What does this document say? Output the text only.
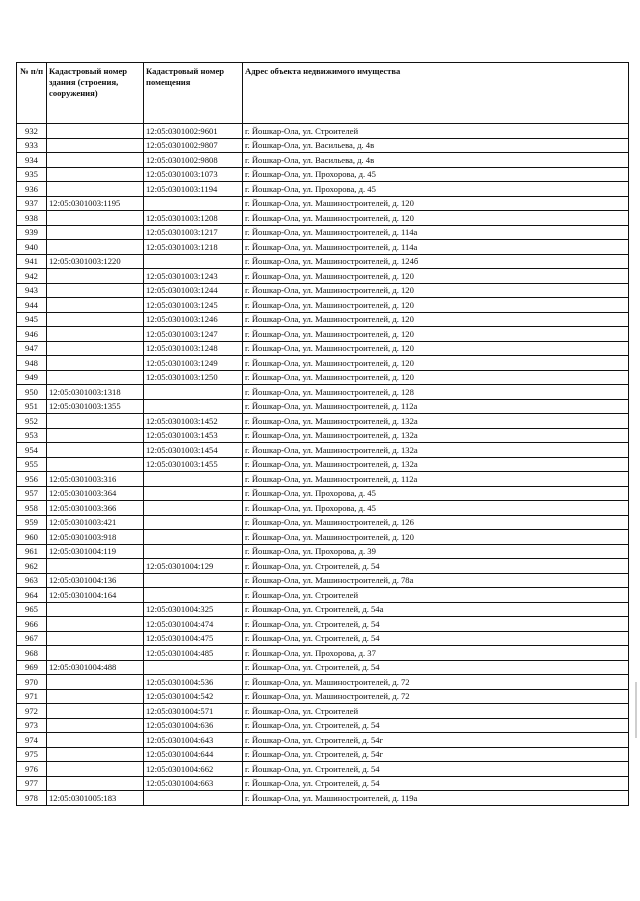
№ п/п	Кадастровый номер здания (строения, сооружения)	Кадастровый номер помещения	Адрес объекта недвижимого имущества
932		12:05:0301002:9601	г. Йошкар-Ола, ул. Строителей
933		12:05:0301002:9807	г. Йошкар-Ола, ул. Васильева, д. 4в
934		12:05:0301002:9808	г. Йошкар-Ола, ул. Васильева, д. 4в
935		12:05:0301003:1073	г. Йошкар-Ола, ул. Прохорова, д. 45
936		12:05:0301003:1194	г. Йошкар-Ола, ул. Прохорова, д. 45
937	12:05:0301003:1195		г. Йошкар-Ола, ул. Машиностроителей, д. 120
938		12:05:0301003:1208	г. Йошкар-Ола, ул. Машиностроителей, д. 120
939		12:05:0301003:1217	г. Йошкар-Ола, ул. Машиностроителей, д. 114а
940		12:05:0301003:1218	г. Йошкар-Ола, ул. Машиностроителей, д. 114а
941	12:05:0301003:1220		г. Йошкар-Ола, ул. Машиностроителей, д. 124б
942		12:05:0301003:1243	г. Йошкар-Ола, ул. Машиностроителей, д. 120
943		12:05:0301003:1244	г. Йошкар-Ола, ул. Машиностроителей, д. 120
944		12:05:0301003:1245	г. Йошкар-Ола, ул. Машиностроителей, д. 120
945		12:05:0301003:1246	г. Йошкар-Ола, ул. Машиностроителей, д. 120
946		12:05:0301003:1247	г. Йошкар-Ола, ул. Машиностроителей, д. 120
947		12:05:0301003:1248	г. Йошкар-Ола, ул. Машиностроителей, д. 120
948		12:05:0301003:1249	г. Йошкар-Ола, ул. Машиностроителей, д. 120
949		12:05:0301003:1250	г. Йошкар-Ола, ул. Машиностроителей, д. 120
950	12:05:0301003:1318		г. Йошкар-Ола, ул. Машиностроителей, д. 128
951	12:05:0301003:1355		г. Йошкар-Ола, ул. Машиностроителей, д. 112а
952		12:05:0301003:1452	г. Йошкар-Ола, ул. Машиностроителей, д. 132а
953		12:05:0301003:1453	г. Йошкар-Ола, ул. Машиностроителей, д. 132а
954		12:05:0301003:1454	г. Йошкар-Ола, ул. Машиностроителей, д. 132а
955		12:05:0301003:1455	г. Йошкар-Ола, ул. Машиностроителей, д. 132а
956	12:05:0301003:316		г. Йошкар-Ола, ул. Машиностроителей, д. 112а
957	12:05:0301003:364		г. Йошкар-Ола, ул. Прохорова, д. 45
958	12:05:0301003:366		г. Йошкар-Ола, ул. Прохорова, д. 45
959	12:05:0301003:421		г. Йошкар-Ола, ул. Машиностроителей, д. 126
960	12:05:0301003:918		г. Йошкар-Ола, ул. Машиностроителей, д. 120
961	12:05:0301004:119		г. Йошкар-Ола, ул. Прохорова, д. 39
962		12:05:0301004:129	г. Йошкар-Ола, ул. Строителей, д. 54
963	12:05:0301004:136		г. Йошкар-Ола, ул. Машиностроителей, д. 78а
964	12:05:0301004:164		г. Йошкар-Ола, ул. Строителей
965		12:05:0301004:325	г. Йошкар-Ола, ул. Строителей, д. 54а
966		12:05:0301004:474	г. Йошкар-Ола, ул. Строителей, д. 54
967		12:05:0301004:475	г. Йошкар-Ола, ул. Строителей, д. 54
968		12:05:0301004:485	г. Йошкар-Ола, ул. Прохорова, д. 37
969	12:05:0301004:488		г. Йошкар-Ола, ул. Строителей, д. 54
970		12:05:0301004:536	г. Йошкар-Ола, ул. Машиностроителей, д. 72
971		12:05:0301004:542	г. Йошкар-Ола, ул. Машиностроителей, д. 72
972		12:05:0301004:571	г. Йошкар-Ола, ул. Строителей
973		12:05:0301004:636	г. Йошкар-Ола, ул. Строителей, д. 54
974		12:05:0301004:643	г. Йошкар-Ола, ул. Строителей, д. 54г
975		12:05:0301004:644	г. Йошкар-Ола, ул. Строителей, д. 54г
976		12:05:0301004:662	г. Йошкар-Ола, ул. Строителей, д. 54
977		12:05:0301004:663	г. Йошкар-Ола, ул. Строителей, д. 54
978	12:05:0301005:183		г. Йошкар-Ола, ул. Машиностроителей, д. 119а
